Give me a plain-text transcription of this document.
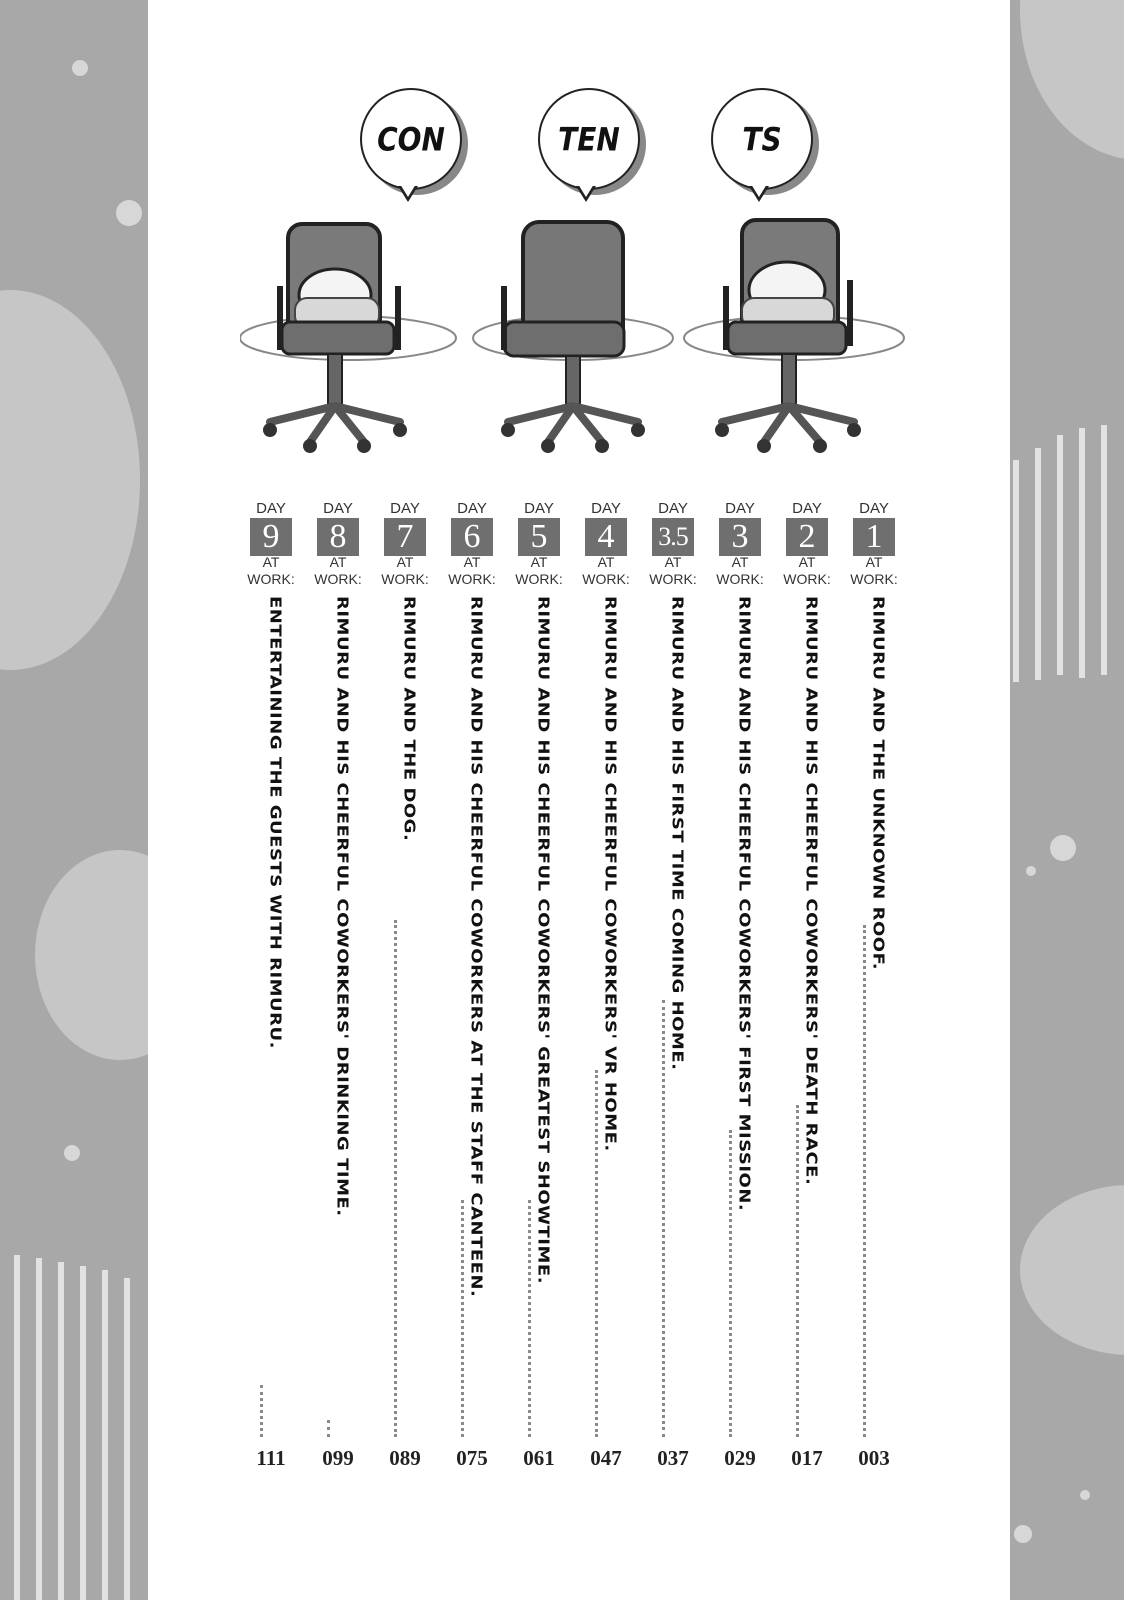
CON	TEN	TS
DAY
9
AT
WORK:
ENTERTAINING THE GUESTS WITH RIMURU.
111
DAY
8
AT
WORK:
RIMURU AND HIS CHEERFUL COWORKERS' DRINKING TIME.
099
DAY
7
AT
WORK:
RIMURU AND THE DOG.
089
DAY
6
AT
WORK:
RIMURU AND HIS CHEERFUL COWORKERS AT THE STAFF CANTEEN.
075
DAY
5
AT
WORK:
RIMURU AND HIS CHEERFUL COWORKERS' GREATEST SHOWTIME.
061
DAY
4
AT
WORK:
RIMURU AND HIS CHEERFUL COWORKERS' VR HOME.
047
DAY
3.5
AT
WORK:
RIMURU AND HIS FIRST TIME COMING HOME.
037
DAY
3
AT
WORK:
RIMURU AND HIS CHEERFUL COWORKERS' FIRST MISSION.
029
DAY
2
AT
WORK:
RIMURU AND HIS CHEERFUL COWORKERS' DEATH RACE.
017
DAY
1
AT
WORK:
RIMURU AND THE UNKNOWN ROOF.
003
